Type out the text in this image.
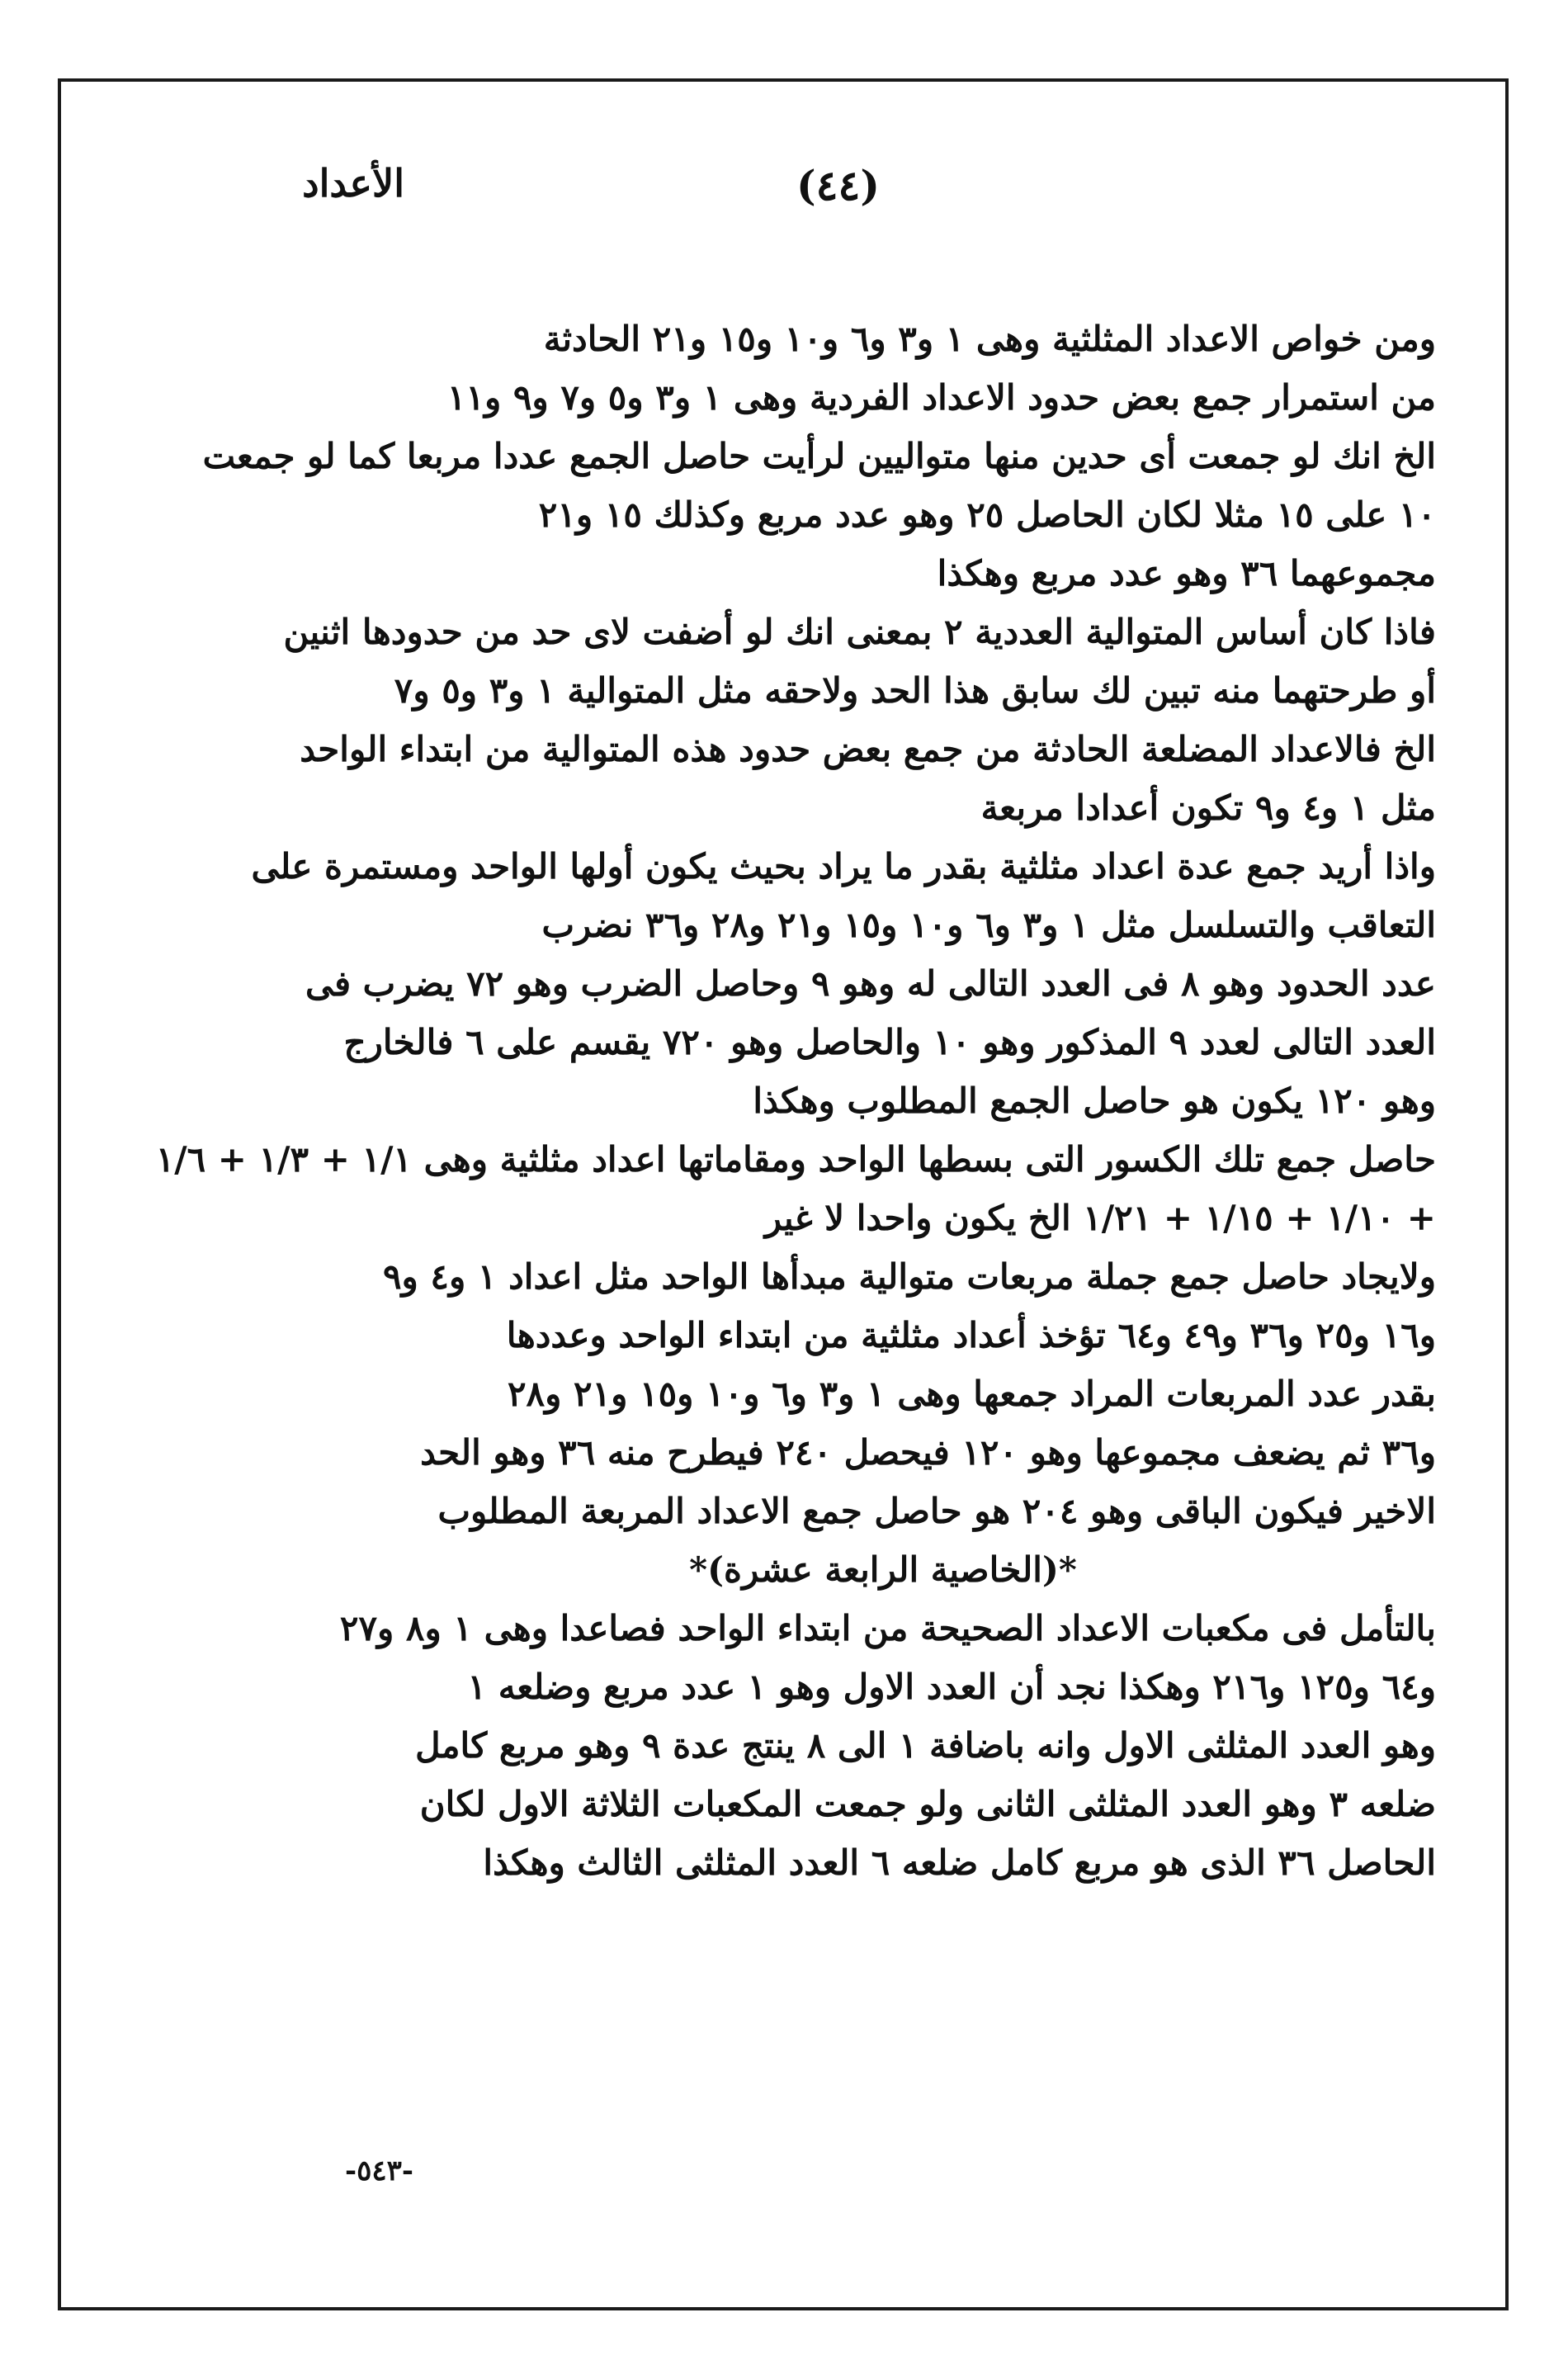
الأعداد	(٤٤)
ومن خواص الاعداد المثلثية وهى ١ و٣ و٦ و١٠ و١٥ و٢١ الحادثة
من استمرار جمع بعض حدود الاعداد الفردية وهى ١ و٣ و٥ و٧ و٩ و١١
الخ انك لو جمعت أى حدين منها متواليين لرأيت حاصل الجمع عددا مربعا كما لو جمعت
١٠ على ١٥ مثلا لكان الحاصل ٢٥ وهو عدد مربع وكذلك ١٥ و٢١
مجموعهما ٣٦ وهو عدد مربع وهكذا
فاذا كان أساس المتوالية العددية ٢ بمعنى انك لو أضفت لاى حد من حدودها اثنين
أو طرحتهما منه تبين لك سابق هذا الحد ولاحقه مثل المتوالية ١ و٣ و٥ و٧
الخ فالاعداد المضلعة الحادثة من جمع بعض حدود هذه المتوالية من ابتداء الواحد
مثل ١ و٤ و٩ تكون أعدادا مربعة
واذا أريد جمع عدة اعداد مثلثية بقدر ما يراد بحيث يكون أولها الواحد ومستمرة على
التعاقب والتسلسل مثل ١ و٣ و٦ و١٠ و١٥ و٢١ و٢٨ و٣٦ نضرب
عدد الحدود وهو ٨ فى العدد التالى له وهو ٩ وحاصل الضرب وهو ٧٢ يضرب فى
العدد التالى لعدد ٩ المذكور وهو ١٠ والحاصل وهو ٧٢٠ يقسم على ٦ فالخارج
وهو ١٢٠ يكون هو حاصل الجمع المطلوب وهكذا
حاصل جمع تلك الكسور التى بسطها الواحد ومقاماتها اعداد مثلثية وهى ١/١ + ١/٣ + ١/٦
+ ١/١٠ + ١/١٥ + ١/٢١ الخ يكون واحدا لا غير
ولايجاد حاصل جمع جملة مربعات متوالية مبدأها الواحد مثل اعداد ١ و٤ و٩
و١٦ و٢٥ و٣٦ و٤٩ و٦٤ تؤخذ أعداد مثلثية من ابتداء الواحد وعددها
بقدر عدد المربعات المراد جمعها وهى ١ و٣ و٦ و١٠ و١٥ و٢١ و٢٨
و٣٦ ثم يضعف مجموعها وهو ١٢٠ فيحصل ٢٤٠ فيطرح منه ٣٦ وهو الحد
الاخير فيكون الباقى وهو ٢٠٤ هو حاصل جمع الاعداد المربعة المطلوب
*(الخاصية الرابعة عشرة)*
بالتأمل فى مكعبات الاعداد الصحيحة من ابتداء الواحد فصاعدا وهى ١ و٨ و٢٧
و٦٤ و١٢٥ و٢١٦ وهكذا نجد أن العدد الاول وهو ١ عدد مربع وضلعه ١
وهو العدد المثلثى الاول وانه باضافة ١ الى ٨ ينتج عدة ٩ وهو مربع كامل
ضلعه ٣ وهو العدد المثلثى الثانى ولو جمعت المكعبات الثلاثة الاول لكان
الحاصل ٣٦ الذى هو مربع كامل ضلعه ٦ العدد المثلثى الثالث وهكذا
-٥٤٣-
